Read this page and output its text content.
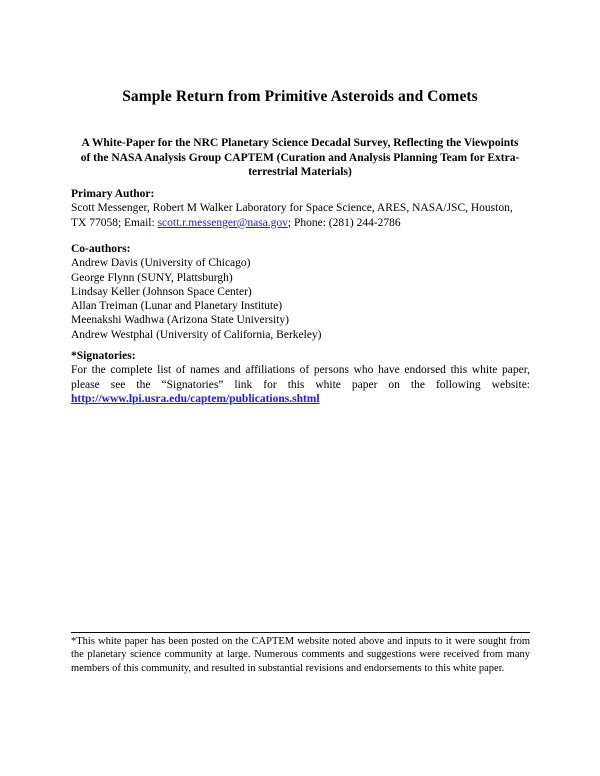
Sample Return from Primitive Asteroids and Comets
A White-Paper for the NRC Planetary Science Decadal Survey, Reflecting the Viewpoints
of the NASA Analysis Group CAPTEM (Curation and Analysis Planning Team for Extra-
terrestrial Materials)
Primary Author:
Scott Messenger, Robert M Walker Laboratory for Space Science, ARES, NASA/JSC, Houston, TX 77058; Email: scott.r.messenger@nasa.gov; Phone: (281) 244-2786
Co-authors:
Andrew Davis (University of Chicago)
George Flynn (SUNY, Plattsburgh)
Lindsay Keller (Johnson Space Center)
Allan Treiman (Lunar and Planetary Institute)
Meenakshi Wadhwa (Arizona State University)
Andrew Westphal (University of California, Berkeley)
*Signatories:
For the complete list of names and affiliations of persons who have endorsed this white paper, please see the “Signatories” link for this white paper on the following website: http://www.lpi.usra.edu/captem/publications.shtml
*This white paper has been posted on the CAPTEM website noted above and inputs to it were sought from the planetary science community at large. Numerous comments and suggestions were received from many members of this community, and resulted in substantial revisions and endorsements to this white paper.
